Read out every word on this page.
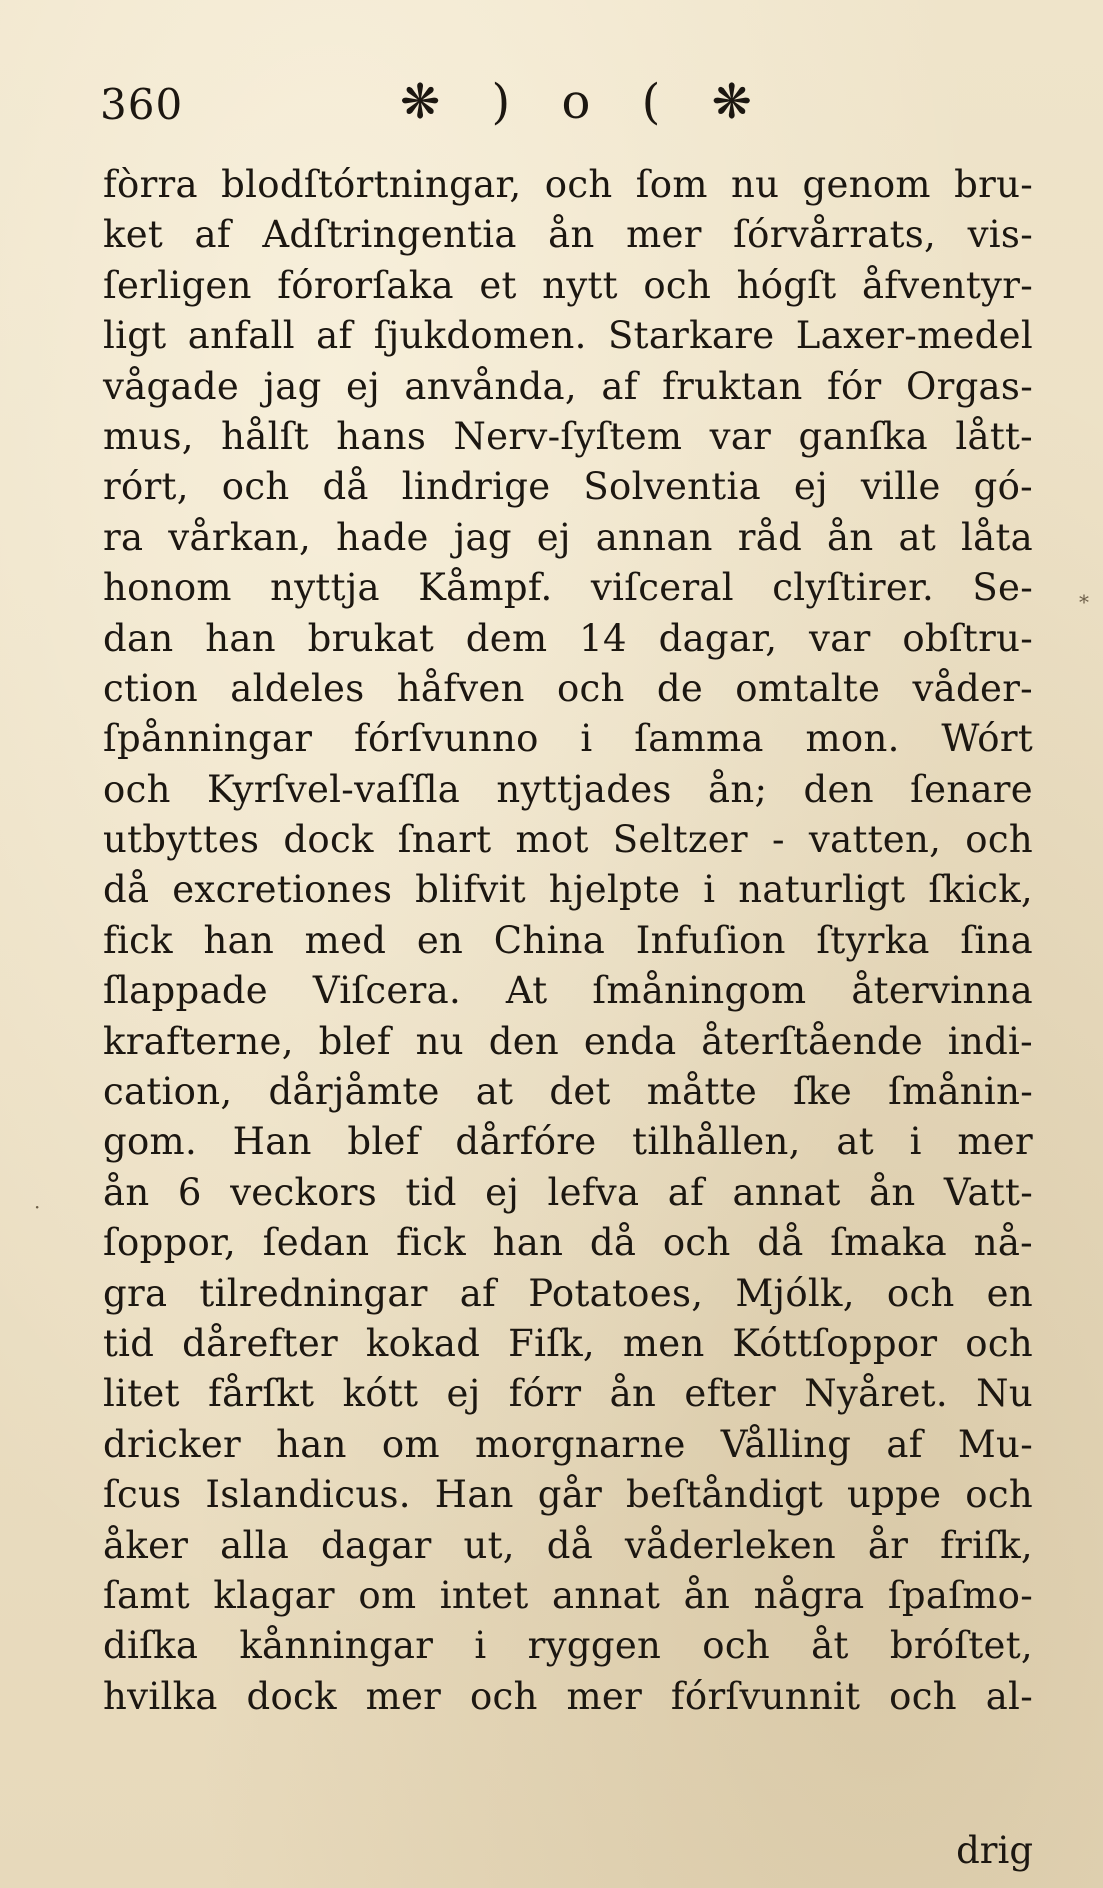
360	❋ ) o ( ❋
fòrra blodſtórtningar, och ſom nu genom bru-
ket af Adſtringentia ån mer ſórvårrats, vis-
ſerligen fórorſaka et nytt och hógſt åfventyr-
ligt anfall af ſjukdomen. Starkare Laxer-medel
vågade jag ej anvånda, af fruktan fór Orgas-
mus, hålſt hans Nerv-ſyſtem var ganſka lått-
rórt, och då lindrige Solventia ej ville gó-
ra vårkan, hade jag ej annan råd ån at låta
honom nyttja Kåmpf. viſceral clyſtirer. Se-
dan han brukat dem 14 dagar, var obſtru-
ction aldeles håfven och de omtalte våder-
ſpånningar fórſvunno i ſamma mon. Wórt
och Kyrſvel-vaſſla nyttjades ån; den ſenare
utbyttes dock ſnart mot Seltzer - vatten, och
då excretiones blifvit hjelpte i naturligt ſkick,
fick han med en China Infuſion ſtyrka ſina
ſlappade Viſcera. At ſmåningom återvinna
krafterne, blef nu den enda återſtående indi-
cation, dårjåmte at det måtte ſke ſmånin-
gom. Han blef dårfóre tilhållen, at i mer
ån 6 veckors tid ej lefva af annat ån Vatt-
ſoppor, ſedan fick han då och då ſmaka nå-
gra tilredningar af Potatoes, Mjólk, och en
tid dårefter kokad Fiſk, men Kóttſoppor och
litet fårſkt kótt ej fórr ån efter Nyåret. Nu
dricker han om morgnarne Vålling af Mu-
ſcus Islandicus. Han går beſtåndigt uppe och
åker alla dagar ut, då våderleken år friſk,
ſamt klagar om intet annat ån några ſpaſmo-
diſka kånningar i ryggen och åt bróſtet,
hvilka dock mer och mer fórſvunnit och al-
drig
*
·
